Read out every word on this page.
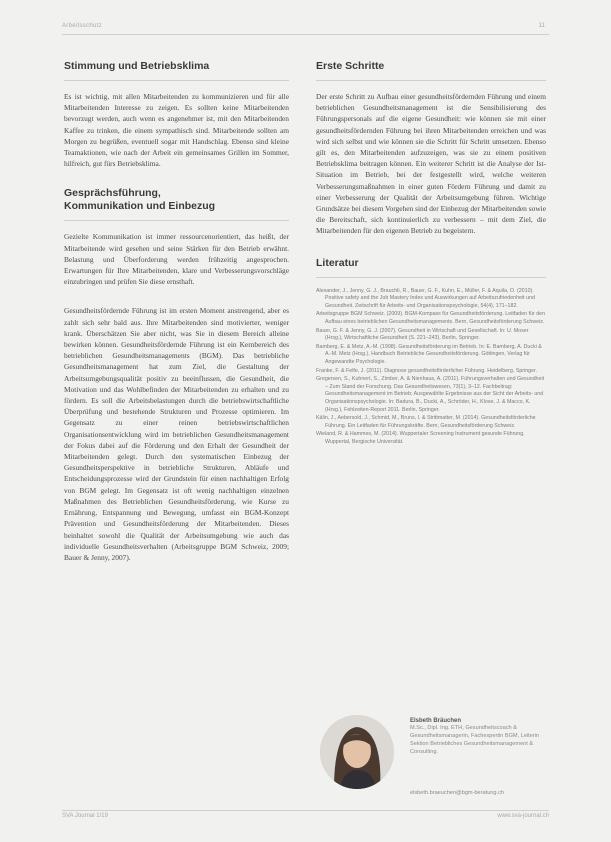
Arbeitsschutz	11
Stimmung und Betriebsklima

Es ist wichtig, mit allen Mitarbeitenden zu kommunizieren und für alle Mitarbeitenden Interesse zu zeigen. Es sollten keine Mitarbeitenden bevorzugt werden, auch wenn es angenehmer ist, mit den Mitarbeitenden Kaffee zu trinken, die einem sympathisch sind. Mitarbeitende sollten am Morgen zu begrüßen, eventuell sogar mit Handschlag. Ebenso sind kleine Teamaktionen, wie nach der Arbeit ein gemeinsames Grillen im Sommer, hilfreich, gut fürs Betriebsklima.

Gesprächsführung,
Kommunikation und Einbezug

Gezielte Kommunikation ist immer ressourcenorientiert, das heißt, der Mitarbeitende wird gesehen und seine Stärken für den Betrieb erwähnt. Belastung und Überforderung werden frühzeitig angesprochen. Erwartungen für Ihre Mitarbeitenden, klare und Verbesserungsvorschläge einzubringen und prüfen Sie diese ernsthaft.

Gesundheitsfördernde Führung ist im ersten Moment anstrengend, aber es zahlt sich sehr bald aus. Ihre Mitarbeitenden sind motivierter, weniger krank. Überschätzen Sie aber nicht, was Sie in diesem Bereich alleine bewirken können. Gesundheitsfördernde Führung ist ein Kernbereich des betrieblichen Gesundheitsmanagements (BGM). Das betriebliche Gesundheitsmanagement hat zum Ziel, die Gestaltung der Arbeitsumgebungsqualität positiv zu beeinflussen, die Gesundheit, die Motivation und das Wohlbefinden der Mitarbeitenden zu erhalten und zu fördern. Es soll die Arbeitsbelastungen durch die betriebswirtschaftliche Überprüfung und bestehende Strukturen und Prozesse optimieren. Im Gegensatz zu einer reinen betriebswirtschaftlichen Organisationsentwicklung wird im betrieblichen Gesundheitsmanagement der Fokus dabei auf die Förderung und den Erhalt der Gesundheit der Mitarbeitenden gelegt. Durch den systematischen Einbezug der Gesundheitsperspektive in betriebliche Strukturen, Abläufe und Entscheidungsprozesse wird der Grundstein für einen nachhaltigen Erfolg von BGM gelegt. Im Gegensatz ist oft wenig nachhaltigen einzelnen Maßnahmen des Betrieblichen Gesundheitsförderung, wie Kurse zu Ernährung, Entspannung und Bewegung, umfasst ein BGM-Konzept Prävention und Gesundheitsförderung der Mitarbeitenden. Dieses beinhaltet sowohl die Qualität der Arbeitsumgebung wie auch das individuelle Gesundheitsverhalten (Arbeitsgruppe BGM Schweiz, 2009; Bauer & Jenny, 2007).

Erste Schritte

Der erste Schritt zu Aufbau einer gesundheitsfördernden Führung und einem betrieblichen Gesundheitsmanagement ist die Sensibilisierung des Führungspersonals auf die eigene Gesundheit: wie können sie mit einer gesundheitsfördernden Führung bei ihren Mitarbeitenden erreichen und was wird sich selbst und wie können sie die Schritt für Schritt umsetzen. Ebenso gilt es, den Mitarbeitenden aufzuzeigen, was sie zu einem positiven Betriebsklima beitragen können. Ein weiterer Schritt ist die Analyse der Ist-Situation im Betrieb, bei der festgestellt wird, welche weiteren Verbesserungsmaßnahmen in einer guten Fördern Führung und damit zu einer Verbesserung der Qualität der Arbeitsumgebung führen. Wichtige Grundsätze bei diesem Vorgehen sind der Einbezug der Mitarbeitenden sowie die Bereitschaft, sich kontinuierlich zu verbessern – mit dem Ziel, die Mitarbeitenden für den eigenen Betrieb zu begeistern.

Literatur
Alexander, J., Jenny, G. J., Brauchli, R., Bauer, G. F., Kuhn, E., Müller, F. & Aquila, O. (2010). Positive safety and the Job Mastery Index und Auswirkungen auf Arbeitszufriedenheit und Gesundheit. Zeitschrift für Arbeits- und Organisationspsychologie, 54(4), 171–182.
Arbeitsgruppe BGM Schweiz. (2009). BGM-Kompass für Gesundheitsförderung. Leitfaden für den Aufbau eines betrieblichen Gesundheitsmanagements. Bern, Gesundheitsförderung Schweiz.
Bauer, G. F. & Jenny, G. J. (2007). Gesundheit in Wirtschaft und Gesellschaft. In: U. Moser (Hrsg.), Wirtschaftliche Gesundheit (S. 221–243). Berlin, Springer.
Bamberg, E. & Metz, A.-M. (1998). Gesundheitsförderung im Betrieb. In: E. Bamberg, A. Ducki & A.-M. Metz (Hrsg.), Handbuch Betriebliche Gesundheitsförderung. Göttingen, Verlag für Angewandte Psychologie.
Franke, F. & Felfe, J. (2011). Diagnose gesundheitsförderlicher Führung. Heidelberg, Springer.
Gregersen, S., Kuhnert, S., Zimber, A. & Nienhaus, A. (2011). Führungsverhalten und Gesundheit – Zum Stand der Forschung. Das Gesundheitswesen, 73(1), 3–12. Fachbeitrag: Gesundheitsmanagement im Betrieb; Ausgewählte Ergebnisse aus der Sicht der Arbeits- und Organisationspsychologie. In: Badura, B., Ducki, A., Schröder, H., Klose, J. & Macco, K. (Hrsg.), Fehlzeiten-Report 2011. Berlin, Springer.
Kälin, J., Aebersold, J., Schmid, M., Bruns, I. & Strittmatter, M. (2014). Gesundheitsförderliche Führung. Ein Leitfaden für Führungskräfte. Bern, Gesundheitsförderung Schweiz.
Wieland, R. & Hammes, M. (2014). Wuppertaler Screening Instrument gesunde Führung. Wuppertal, Bergische Universität.
Elsbeth Bräuchen
M.Sc., Dipl. Ing. ETH, Gesundheitscoach & Gesundheitsmanagerin, Fachexpertin BGM, Leiterin Sektion Betriebliches Gesundheitsmanagement & Consulting.
elsbeth.braeuchen@bgm-beratung.ch
SVA Journal 1/19	www.sva-journal.ch
